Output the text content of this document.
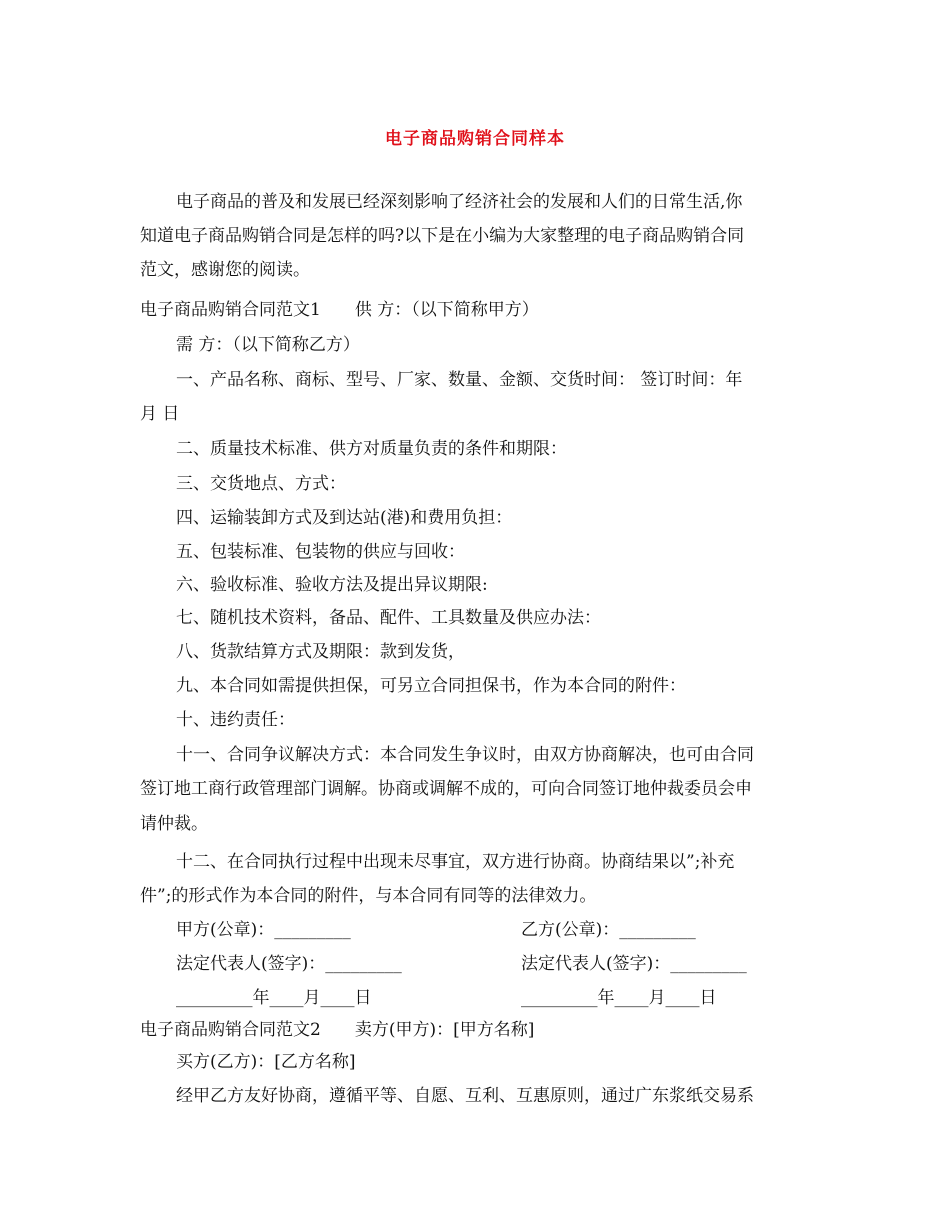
电子商品购销合同样本
电子商品的普及和发展已经深刻影响了经济社会的发展和人们的日常生活,你
知道电子商品购销合同是怎样的吗?以下是在小编为大家整理的电子商品购销合同
范文，感谢您的阅读。
电子商品购销合同范文1　　供 方：（以下简称甲方）
需 方：（以下简称乙方）
一、产品名称、商标、型号、厂家、数量、金额、交货时间： 签订时间：年
月 日
二、质量技术标准、供方对质量负责的条件和期限：
三、交货地点、方式：
四、运输装卸方式及到达站(港)和费用负担：
五、包装标准、包装物的供应与回收：
六、验收标准、验收方法及提出异议期限:
七、随机技术资料，备品、配件、工具数量及供应办法：
八、货款结算方式及期限：款到发货，
九、本合同如需提供担保，可另立合同担保书，作为本合同的附件：
十、违约责任：
十一、合同争议解决方式：本合同发生争议时，由双方协商解决，也可由合同
签订地工商行政管理部门调解。协商或调解不成的，可向合同签订地仲裁委员会申
请仲裁。
十二、在合同执行过程中出现未尽事宜，双方进行协商。协商结果以”;补充
件”;的形式作为本合同的附件，与本合同有同等的法律效力。
甲方(公章)：_________	乙方(公章)：_________
法定代表人(签字)：_________	法定代表人(签字)：_________
_________年____月____日	_________年____月____日
电子商品购销合同范文2　　卖方(甲方)：[甲方名称]
买方(乙方)：[乙方名称]
经甲乙方友好协商，遵循平等、自愿、互利、互惠原则，通过广东浆纸交易系
